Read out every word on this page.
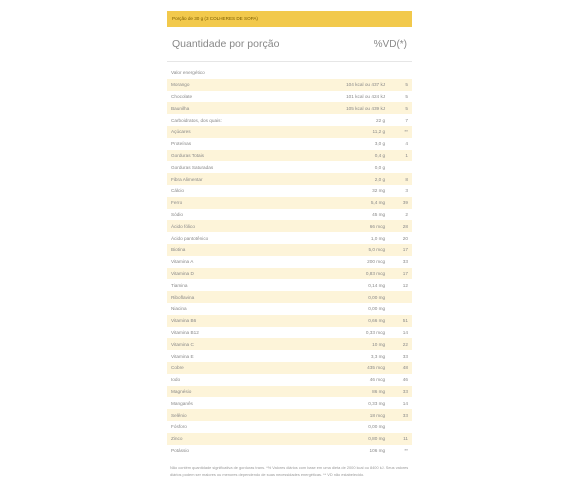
Porção de 30 g (3 COLHERES DE SOPA)
Quantidade por porção	%VD(*)
Valor energético		
Morango	104 kcal ou 437 kJ	5
Chocolate	101 kcal ou 424 kJ	5
Baunilha	105 kcal ou 439 kJ	5
Carboidratos, dos quais:	22 g	7
Açúcares	11,2 g	**
Proteínas	3,0 g	4
Gorduras Totais	0,4 g	1
Gorduras Saturadas	0,0 g	
Fibra Alimentar	2,0 g	8
Cálcio	32 mg	3
Ferro	5,4 mg	39
Sódio	45 mg	2
Ácido fólico	66 mcg	28
Ácido pantotênico	1,0 mg	20
Biotina	5,0 mcg	17
Vitamina A	200 mcg	33
Vitamina D	0,83 mcg	17
Tiamina	0,14 mg	12
Riboflavina	0,00 mg	
Niacina	0,00 mg	
Vitamina B6	0,66 mg	51
Vitamina B12	0,33 mcg	14
Vitamina C	10 mg	22
Vitamina E	3,3 mg	33
Cobre	435 mcg	48
Iodo	46 mcg	46
Magnésio	86 mg	33
Manganês	0,33 mg	14
Selênio	18 mcg	33
Fósforo	0,00 mg	
Zinco	0,80 mg	11
Potássio	106 mg	**
Não contém quantidade significativa de gorduras trans. *% Valores diários com base em uma dieta de 2000 kcal ou 8400 kJ. Seus valores diários podem ser maiores ou menores dependendo de suas necessidades energéticas. ** VD não estabelecido.
